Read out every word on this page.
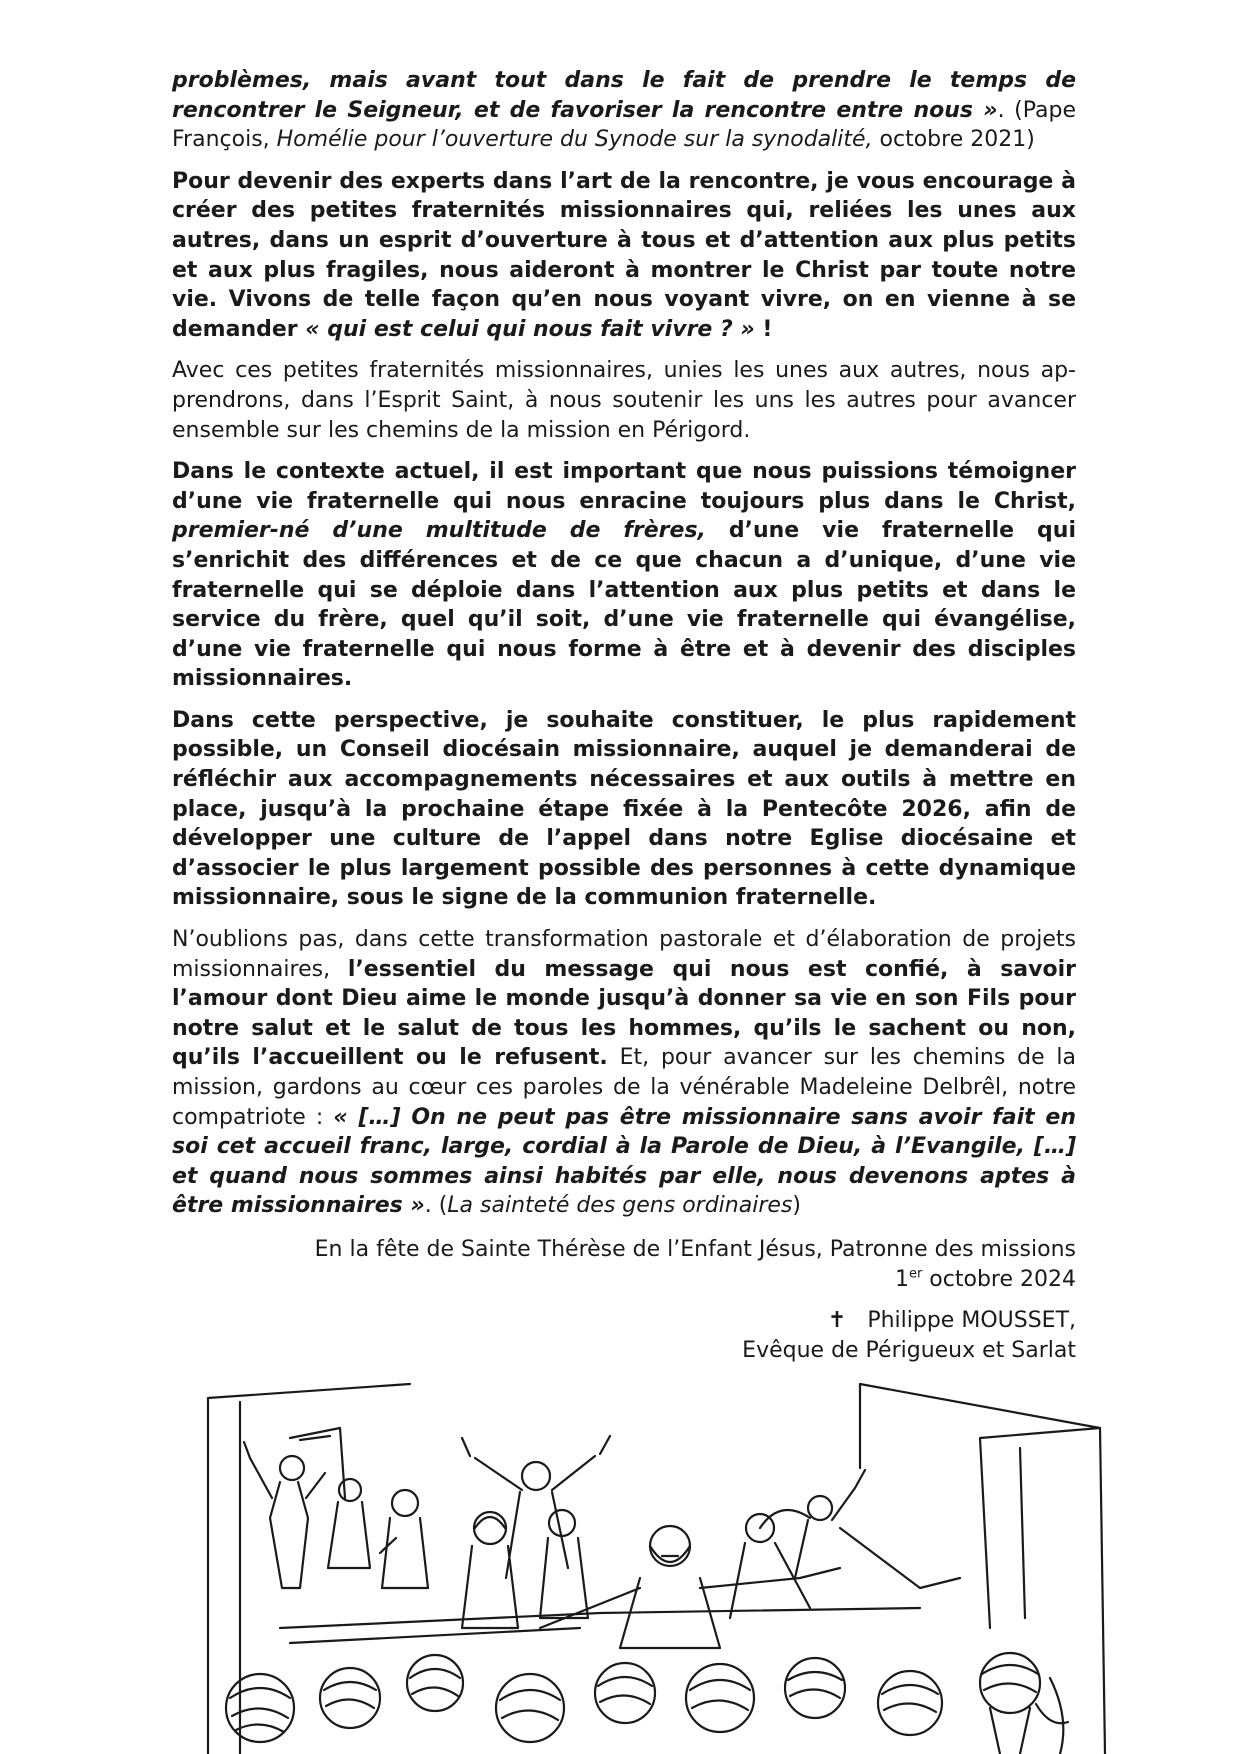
problèmes, mais avant tout dans le fait de prendre le temps de rencontrer le Seigneur, et de favoriser la rencontre entre nous ». (Pape François, Homélie pour l’ouverture du Synode sur la synodalité, octobre 2021)

Pour devenir des experts dans l’art de la rencontre, je vous encourage à créer des petites fraternités missionnaires qui, reliées les unes aux autres, dans un esprit d’ouverture à tous et d’attention aux plus petits et aux plus fragiles, nous aideront à montrer le Christ par toute notre vie. Vivons de telle façon qu’en nous voyant vivre, on en vienne à se demander « qui est celui qui nous fait vivre ? » !

Avec ces petites fraternités missionnaires, unies les unes aux autres, nous apprendrons, dans l’Esprit Saint, à nous soutenir les uns les autres pour avancer ensemble sur les chemins de la mission en Périgord.

Dans le contexte actuel, il est important que nous puissions témoigner d’une vie fraternelle qui nous enracine toujours plus dans le Christ, premier-né d’une multitude de frères, d’une vie fraternelle qui s’enrichit des différences et de ce que chacun a d’unique, d’une vie fraternelle qui se déploie dans l’attention aux plus petits et dans le service du frère, quel qu’il soit, d’une vie fraternelle qui évangélise, d’une vie fraternelle qui nous forme à être et à devenir des disciples missionnaires.

Dans cette perspective, je souhaite constituer, le plus rapidement possible, un Conseil diocésain missionnaire, auquel je demanderai de réfléchir aux accompagnements nécessaires et aux outils à mettre en place, jusqu’à la prochaine étape fixée à la Pentecôte 2026, afin de développer une culture de l’appel dans notre Eglise diocésaine et d’associer le plus largement possible des personnes à cette dynamique missionnaire, sous le signe de la communion fraternelle.

N’oublions pas, dans cette transformation pastorale et d’élaboration de projets missionnaires, l’essentiel du message qui nous est confié, à savoir l’amour dont Dieu aime le monde jusqu’à donner sa vie en son Fils pour notre salut et le salut de tous les hommes, qu’ils le sachent ou non, qu’ils l’accueillent ou le refusent. Et, pour avancer sur les chemins de la mission, gardons au cœur ces paroles de la vénérable Madeleine Delbrêl, notre compatriote : « […] On ne peut pas être missionnaire sans avoir fait en soi cet accueil franc, large, cordial à la Parole de Dieu, à l’Evangile, […] et quand nous sommes ainsi habités par elle, nous devenons aptes à être missionnaires ». (La sainteté des gens ordinaires)

En la fête de Sainte Thérèse de l’Enfant Jésus, Patronne des missions
1er octobre 2024

✝ Philippe MOUSSET,
Evêque de Périgueux et Sarlat
